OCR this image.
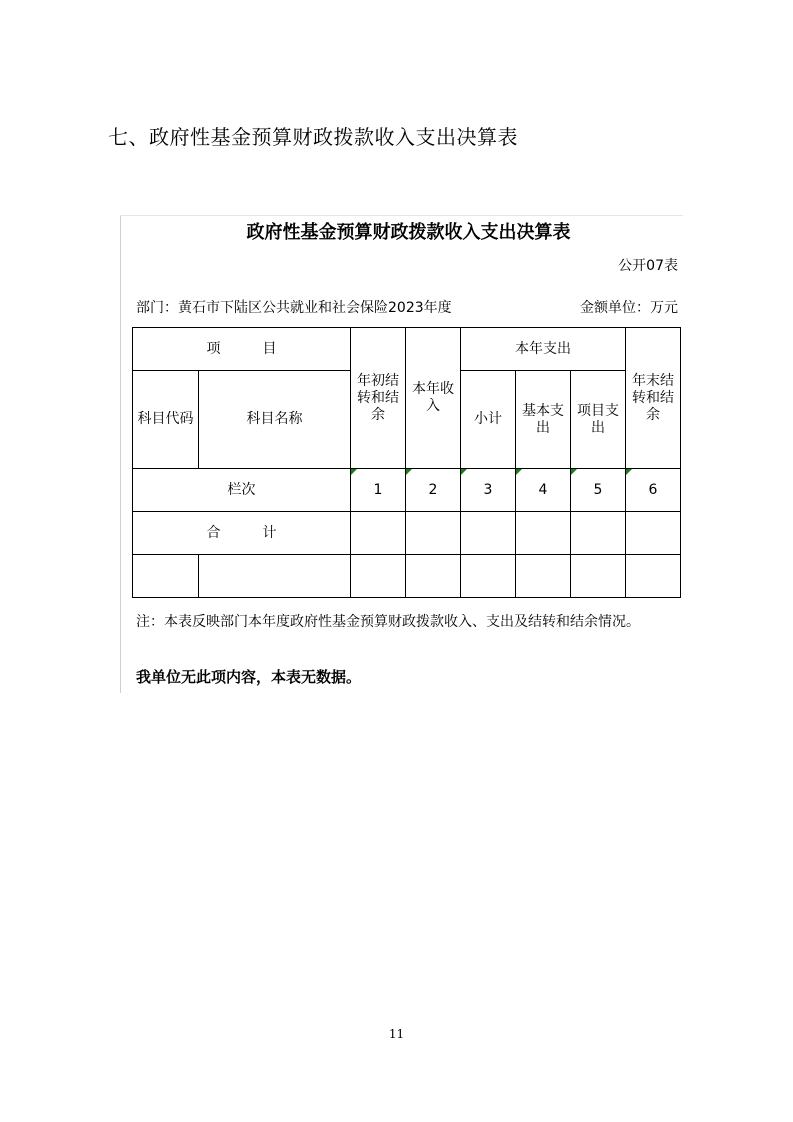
七、政府性基金预算财政拨款收入支出决算表
政府性基金预算财政拨款收入支出决算表
公开07表
部门：黄石市下陆区公共就业和社会保险2023年度	金额单位：万元
项　　　目		年初结转和结余	本年收入	本年支出			年末结转和结余
科目代码	科目名称			小计	基本支出	项目支出	
栏次		1	2	3	4	5	6
合　　　计							

注：本表反映部门本年度政府性基金预算财政拨款收入、支出及结转和结余情况。
我单位无此项内容，本表无数据。
11
